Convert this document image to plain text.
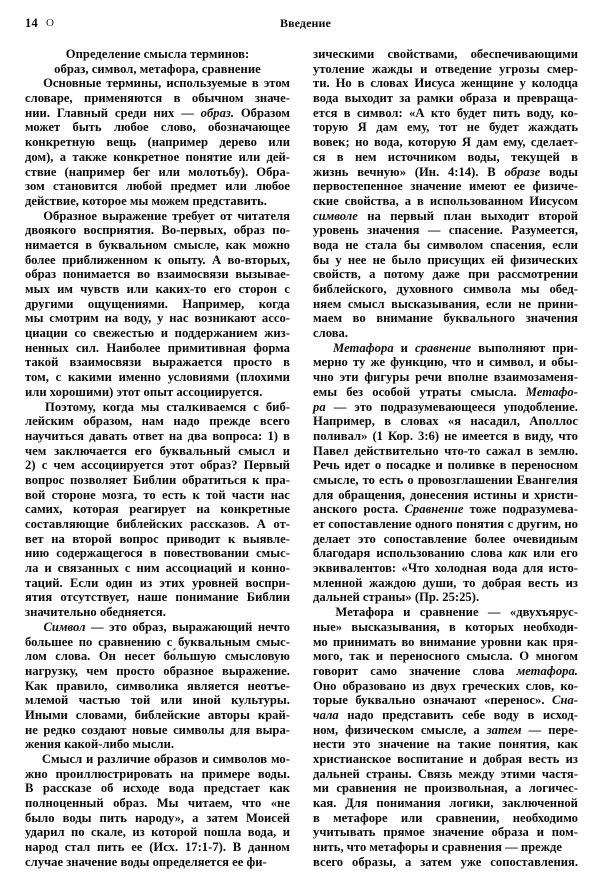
14 O	Введение
Определение смысла терминов:
образ, символ, метафора, сравнение
Основные термины, используемые в этом
словаре, применяются в обычном значе-
нии. Главный среди них — образ. Образом
может быть любое слово, обозначающее
конкретную вещь (например дерево или
дом), а также конкретное понятие или дей-
ствие (например бег или молотьбу). Обра-
зом становится любой предмет или любое
действие, которое мы можем представить.
Образное выражение требует от читателя
двоякого восприятия. Во-первых, образ по-
нимается в буквальном смысле, как можно
более приближенном к опыту. А во-вторых,
образ понимается во взаимосвязи вызывае-
мых им чувств или каких-то его сторон с
другими ощущениями. Например, когда
мы смотрим на воду, у нас возникают ассо-
циации со свежестью и поддержанием жиз-
ненных сил. Наиболее примитивная форма
такой взаимосвязи выражается просто в
том, с какими именно условиями (плохими
или хорошими) этот опыт ассоциируется.
Поэтому, когда мы сталкиваемся с биб-
лейским образом, нам надо прежде всего
научиться давать ответ на два вопроса: 1) в
чем заключается его буквальный смысл и
2) с чем ассоциируется этот образ? Первый
вопрос позволяет Библии обратиться к пра-
вой стороне мозга, то есть к той части нас
самих, которая реагирует на конкретные
составляющие библейских рассказов. А от-
вет на второй вопрос приводит к выявле-
нию содержащегося в повествовании смыс-
ла и связанных с ним ассоциаций и конно-
таций. Если один из этих уровней воспри-
ятия отсутствует, наше понимание Библии
значительно обедняется.
Символ — это образ, выражающий нечто
большее по сравнению с буквальным смыс-
лом слова. Он несет бо́льшую смысловую
нагрузку, чем просто образное выражение.
Как правило, символика является неотъе-
млемой частью той или иной культуры.
Иными словами, библейские авторы край-
не редко создают новые символы для выра-
жения какой-либо мысли.
Смысл и различие образов и символов мо-
жно проиллюстрировать на примере воды.
В рассказе об исходе вода предстает как
полноценный образ. Мы читаем, что «не
было воды пить народу», а затем Моисей
ударил по скале, из которой пошла вода, и
народ стал пить ее (Исх. 17:1-7). В данном
случае значение воды определяется ее фи-
зическими свойствами, обеспечивающими
утоление жажды и отведение угрозы смер-
ти. Но в словах Иисуса женщине у колодца
вода выходит за рамки образа и превраща-
ется в символ: «А кто будет пить воду, ко-
торую Я дам ему, тот не будет жаждать
вовек; но вода, которую Я дам ему, сделает-
ся в нем источником воды, текущей в
жизнь вечную» (Ин. 4:14). В образе воды
первостепенное значение имеют ее физиче-
ские свойства, а в использованном Иисусом
символе на первый план выходит второй
уровень значения — спасение. Разумеется,
вода не стала бы символом спасения, если
бы у нее не было присущих ей физических
свойств, а потому даже при рассмотрении
библейского, духовного символа мы обед-
няем смысл высказывания, если не прини-
маем во внимание буквального значения
слова.
Метафора и сравнение выполняют при-
мерно ту же функцию, что и символ, и обы-
чно эти фигуры речи вполне взаимозаменя-
емы без особой утраты смысла. Метафо-
ра — это подразумевающееся уподобление.
Например, в словах «я насадил, Аполлос
поливал» (1 Кор. 3:6) не имеется в виду, что
Павел действительно что-то сажал в землю.
Речь идет о посадке и поливке в переносном
смысле, то есть о провозглашении Евангелия
для обращения, донесения истины и христи-
анского роста. Сравнение тоже подразумева-
ет сопоставление одного понятия с другим, но
делает это сопоставление более очевидным
благодаря использованию слова как или его
эквивалентов: «Что холодная вода для исто-
мленной жаждою души, то добрая весть из
дальней страны» (Пр. 25:25).
Метафора и сравнение — «двухъярус-
ные» высказывания, в которых необходи-
мо принимать во внимание уровни как пря-
мого, так и переносного смысла. О многом
говорит само значение слова метафора.
Оно образовано из двух греческих слов, ко-
торые буквально означают «перенос». Сна-
чала надо представить себе воду в исход-
ном, физическом смысле, а затем — пере-
нести это значение на такие понятия, как
христианское воспитание и добрая весть из
дальней страны. Связь между этими частя-
ми сравнения не произвольная, а логичес-
кая. Для понимания логики, заключенной
в метафоре или сравнении, необходимо
учитывать прямое значение образа и пом-
нить, что метафоры и сравнения — прежде
всего образы, а затем уже сопоставления.
